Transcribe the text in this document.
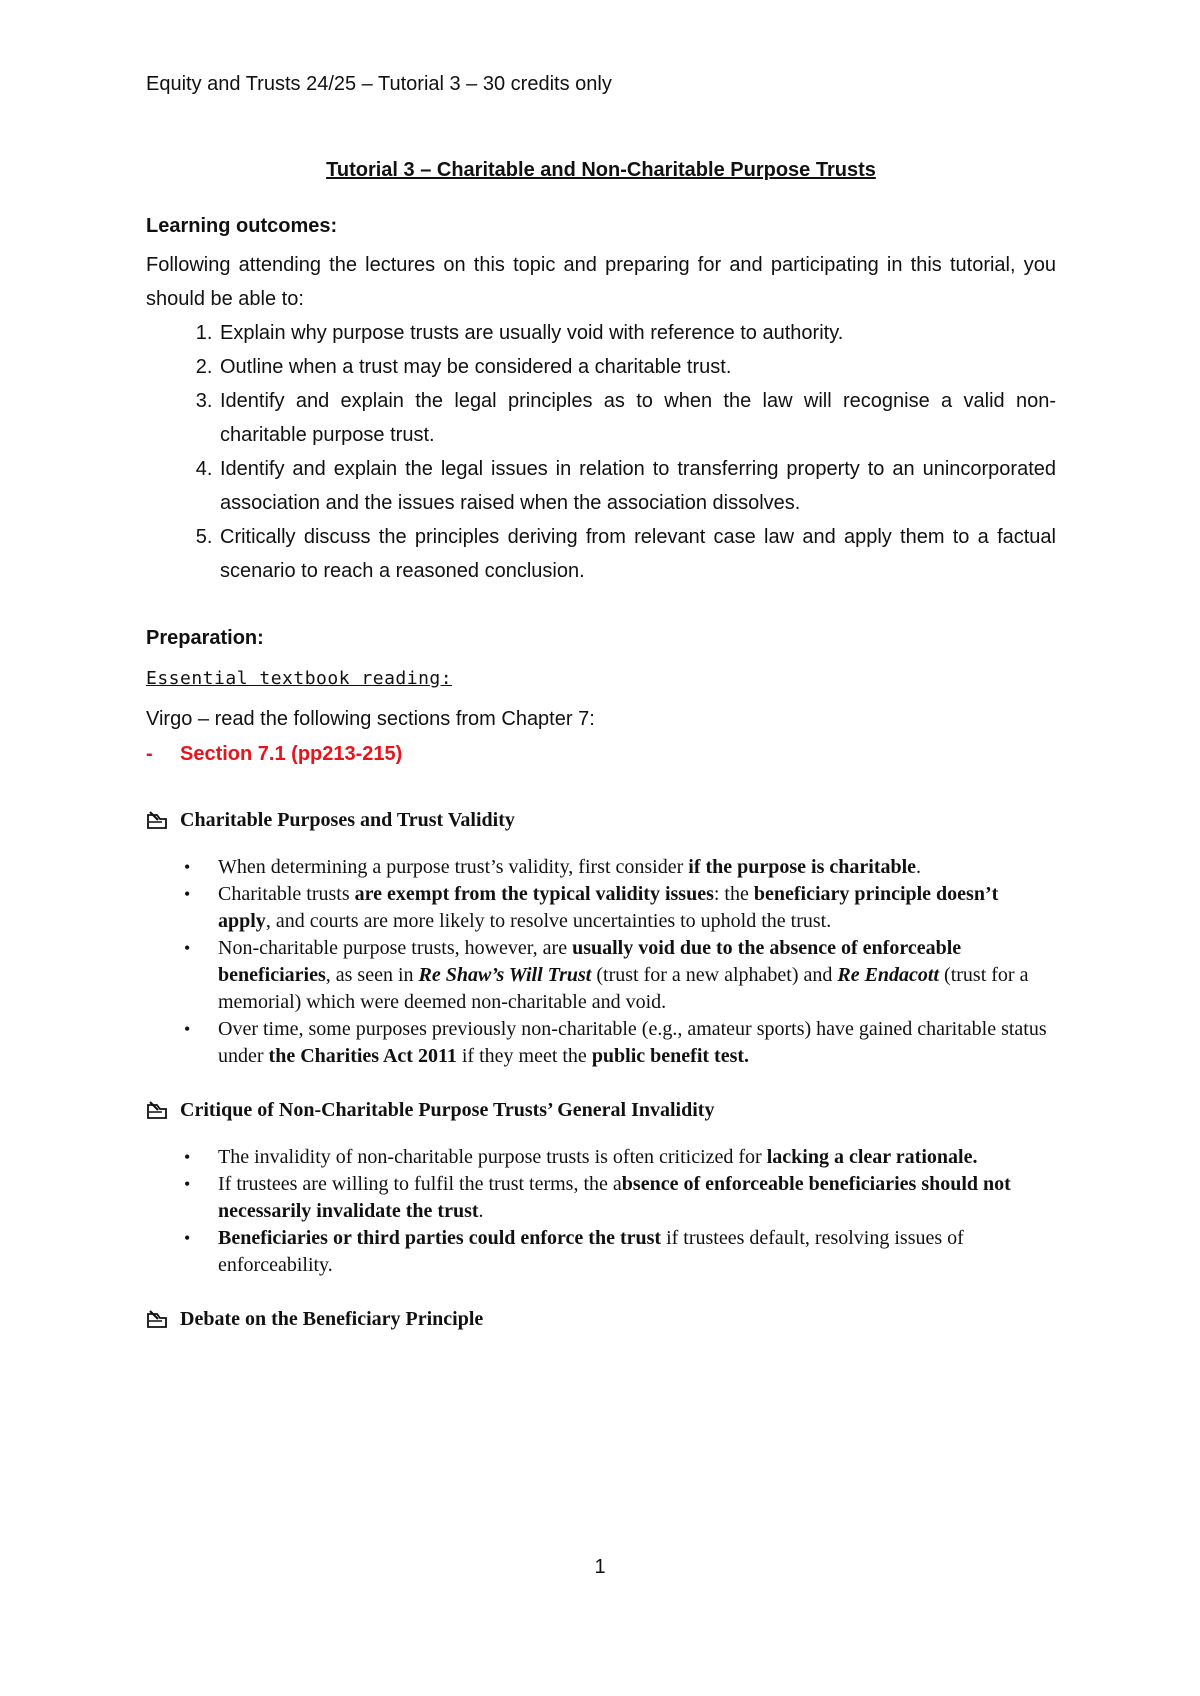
Equity and Trusts 24/25 – Tutorial 3 – 30 credits only

Tutorial 3 – Charitable and Non-Charitable Purpose Trusts

Learning outcomes:

Following attending the lectures on this topic and preparing for and participating in this tutorial, you should be able to:

1. Explain why purpose trusts are usually void with reference to authority.
2. Outline when a trust may be considered a charitable trust.
3. Identify and explain the legal principles as to when the law will recognise a valid non-charitable purpose trust.
4. Identify and explain the legal issues in relation to transferring property to an unincorporated association and the issues raised when the association dissolves.
5. Critically discuss the principles deriving from relevant case law and apply them to a factual scenario to reach a reasoned conclusion.

Preparation:

Essential textbook reading:

Virgo – read the following sections from Chapter 7:

- Section 7.1 (pp213-215)

Charitable Purposes and Trust Validity
• When determining a purpose trust’s validity, first consider if the purpose is charitable.
• Charitable trusts are exempt from the typical validity issues: the beneficiary principle doesn’t apply, and courts are more likely to resolve uncertainties to uphold the trust.
• Non-charitable purpose trusts, however, are usually void due to the absence of enforceable beneficiaries, as seen in Re Shaw’s Will Trust (trust for a new alphabet) and Re Endacott (trust for a memorial) which were deemed non-charitable and void.
• Over time, some purposes previously non-charitable (e.g., amateur sports) have gained charitable status under the Charities Act 2011 if they meet the public benefit test.
Critique of Non-Charitable Purpose Trusts’ General Invalidity
• The invalidity of non-charitable purpose trusts is often criticized for lacking a clear rationale.
• If trustees are willing to fulfil the trust terms, the absence of enforceable beneficiaries should not necessarily invalidate the trust.
• Beneficiaries or third parties could enforce the trust if trustees default, resolving issues of enforceability.
Debate on the Beneficiary Principle
1
